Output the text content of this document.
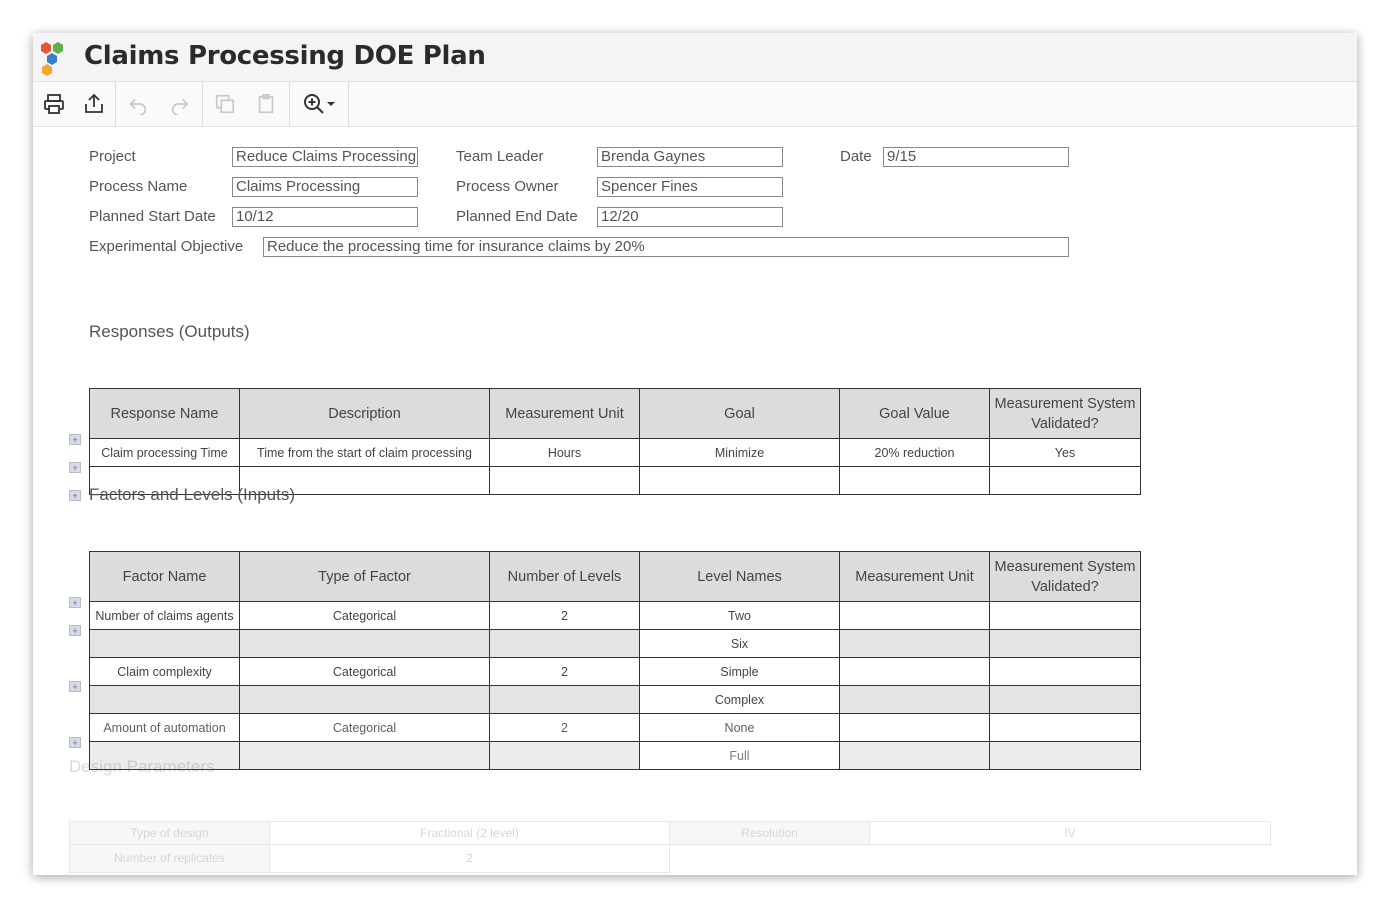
Claims Processing DOE Plan
Project	Reduce Claims Processing	Team Leader	Brenda Gaynes	Date 9/15
Process Name	Claims Processing	Process Owner	Spencer Fines
Planned Start Date 10/12	Planned End Date 12/20
Experimental Objective Reduce the processing time for insurance claims by 20%
Responses (Outputs)
+
+
+
Response Name	Description	Measurement Unit	Goal	Goal Value	Measurement System Validated?
Claim processing Time	Time from the start of claim processing	Hours	Minimize	20% reduction	Yes

Factors and Levels (Inputs)
+
+
+
+
Factor Name	Type of Factor	Number of Levels	Level Names	Measurement Unit	Measurement System Validated?
Number of claims agents	Categorical	2	Two		
			Six		
Claim complexity	Categorical	2	Simple		
			Complex		
Amount of automation	Categorical	2	None		
			Full		
Design Parameters
Type of design	Fractional (2 level)	Resolution	IV
Number of replicates	2		
